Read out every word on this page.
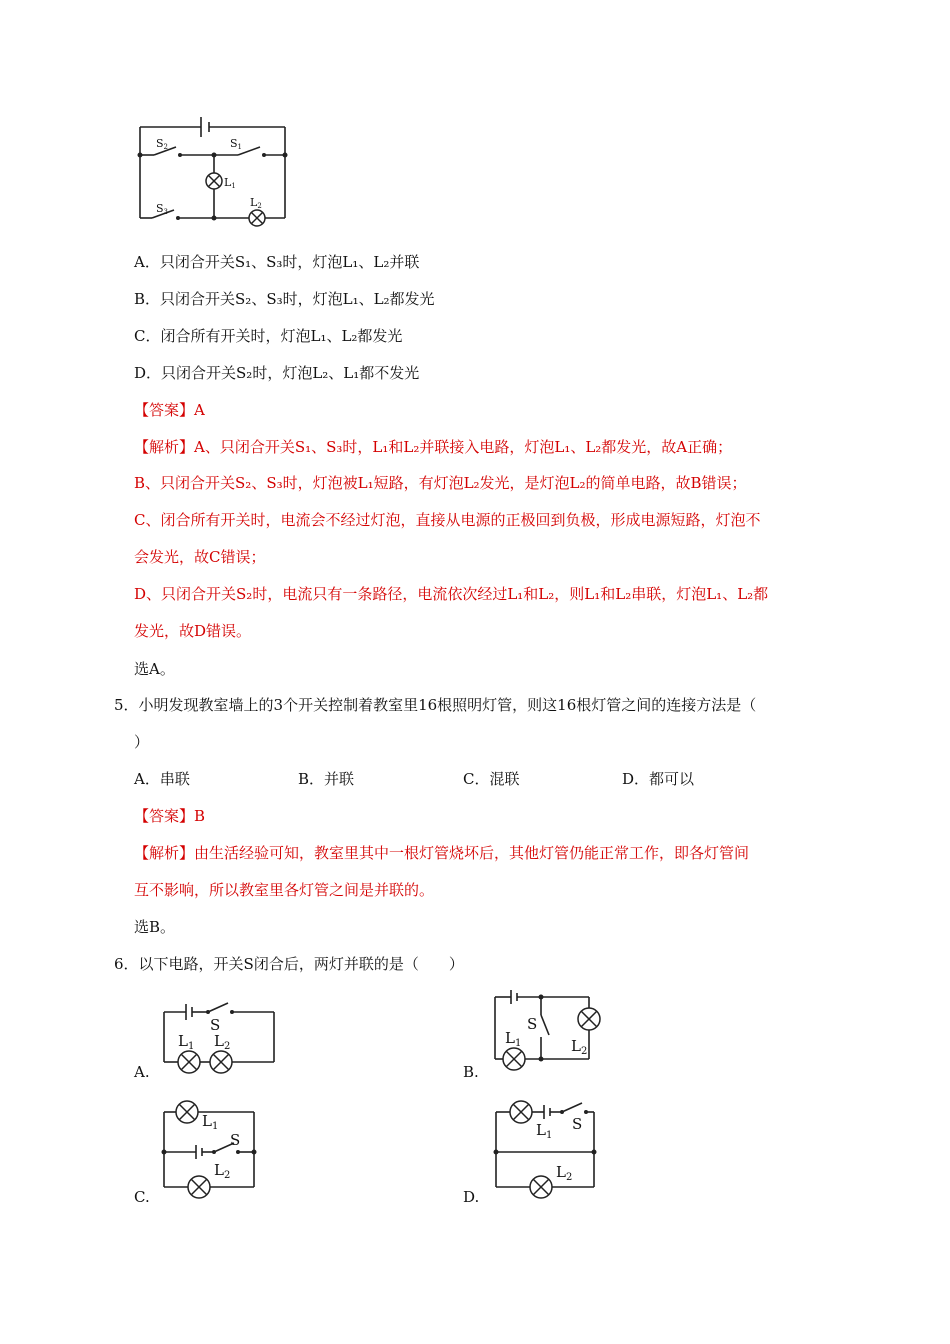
S2	S1
S3
L1
L2
A．只闭合开关S₁、S₃时，灯泡L₁、L₂并联
B．只闭合开关S₂、S₃时，灯泡L₁、L₂都发光
C．闭合所有开关时，灯泡L₁、L₂都发光
D．只闭合开关S₂时，灯泡L₂、L₁都不发光
【答案】A
【解析】A、只闭合开关S₁、S₃时，L₁和L₂并联接入电路，灯泡L₁、L₂都发光，故A正确；
B、只闭合开关S₂、S₃时，灯泡被L₁短路，有灯泡L₂发光，是灯泡L₂的简单电路，故B错误；
C、闭合所有开关时，电流会不经过灯泡，直接从电源的正极回到负极，形成电源短路，灯泡不
会发光，故C错误；
D、只闭合开关S₂时，电流只有一条路径，电流依次经过L₁和L₂，则L₁和L₂串联，灯泡L₁、L₂都
发光，故D错误。
选A。
5．小明发现教室墙上的3个开关控制着教室里16根照明灯管，则这16根灯管之间的连接方法是（
）
A．串联	B．并联	C．混联	D．都可以
【答案】B
【解析】由生活经验可知，教室里其中一根灯管烧坏后，其他灯管仍能正常工作，即各灯管间
互不影响，所以教室里各灯管之间是并联的。
选B。
6．以下电路，开关S闭合后，两灯并联的是（　　）
A.
S
$L_1$ $L_2$
B.
S
$L_1$	$L_2$
C.
S
$L_1$
$L_2$
D.
S
$L_1$
$L_2$
